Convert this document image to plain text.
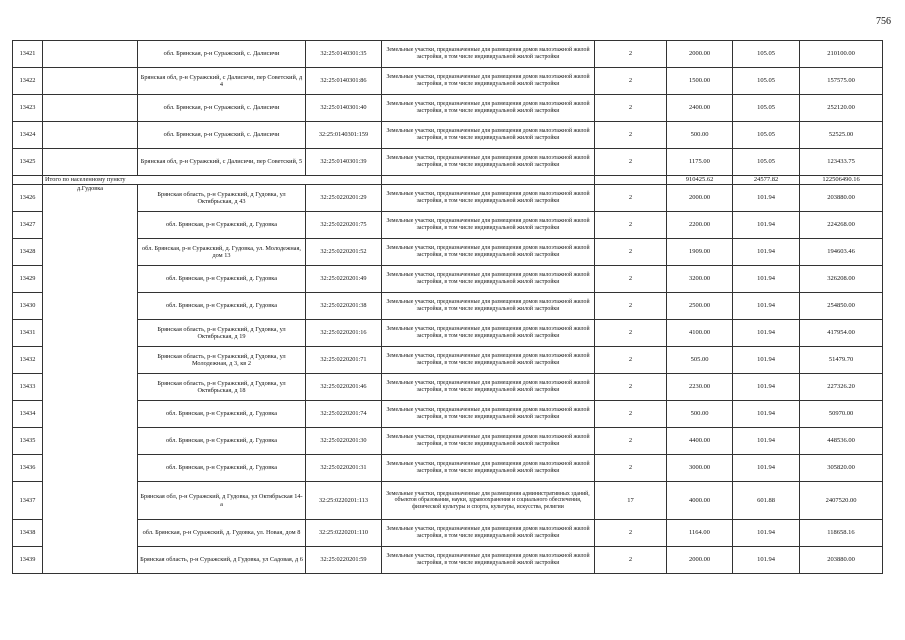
756
13421		обл. Брянская, р-н Суражский, с. Далисичи	32:25:0140301:35	Земельные участки, предназначенные для размещения домов малоэтажной жилой застройки, в том числе индивидуальной жилой застройки	2	2000.00	105.05	210100.00
13422		Брянская обл, р-н Суражский, с Далисичи, пер Советский, д 4	32:25:0140301:86	Земельные участки, предназначенные для размещения домов малоэтажной жилой застройки, в том числе индивидуальной жилой застройки	2	1500.00	105.05	157575.00
13423		обл. Брянская, р-н Суражский, с. Далисичи	32:25:0140301:40	Земельные участки, предназначенные для размещения домов малоэтажной жилой застройки, в том числе индивидуальной жилой застройки	2	2400.00	105.05	252120.00
13424		обл. Брянская, р-н Суражский, с. Далисичи	32:25:0140301:159	Земельные участки, предназначенные для размещения домов малоэтажной жилой застройки, в том числе индивидуальной жилой застройки	2	500.00	105.05	52525.00
13425		Брянская обл, р-н Суражский, с Далисичи, пер Советский, 5	32:25:0140301:39	Земельные участки, предназначенные для размещения домов малоэтажной жилой застройки, в том числе индивидуальной жилой застройки	2	1175.00	105.05	123433.75
	Итого по населенному пункту					910425.62	24577.82	122506490.16
13426	д.Гудовка	Брянская область, р-н Суражский, д Гудовка, ул Октябрьская, д 43	32:25:0220201:29	Земельные участки, предназначенные для размещения домов малоэтажной жилой застройки, в том числе индивидуальной жилой застройки	2	2000.00	101.94	203880.00
13427		обл. Брянская, р-н Суражский, д. Гудовка	32:25:0220201:75	Земельные участки, предназначенные для размещения домов малоэтажной жилой застройки, в том числе индивидуальной жилой застройки	2	2200.00	101.94	224268.00
13428		обл. Брянская, р-н Суражский, д. Гудовка, ул. Молодежная, дом 13	32:25:0220201:52	Земельные участки, предназначенные для размещения домов малоэтажной жилой застройки, в том числе индивидуальной жилой застройки	2	1909.00	101.94	194603.46
13429		обл. Брянская, р-н Суражский, д. Гудовка	32:25:0220201:49	Земельные участки, предназначенные для размещения домов малоэтажной жилой застройки, в том числе индивидуальной жилой застройки	2	3200.00	101.94	326208.00
13430		обл. Брянская, р-н Суражский, д. Гудовка	32:25:0220201:38	Земельные участки, предназначенные для размещения домов малоэтажной жилой застройки, в том числе индивидуальной жилой застройки	2	2500.00	101.94	254850.00
13431		Брянская область, р-н Суражский, д Гудовка, ул Октябрьская, д 19	32:25:0220201:16	Земельные участки, предназначенные для размещения домов малоэтажной жилой застройки, в том числе индивидуальной жилой застройки	2	4100.00	101.94	417954.00
13432		Брянская область, р-н Суражский, д Гудовка, ул Молодежная, д 3, кв 2	32:25:0220201:71	Земельные участки, предназначенные для размещения домов малоэтажной жилой застройки, в том числе индивидуальной жилой застройки	2	505.00	101.94	51479.70
13433		Брянская область, р-н Суражский, д Гудовка, ул Октябрьская, д 18	32:25:0220201:46	Земельные участки, предназначенные для размещения домов малоэтажной жилой застройки, в том числе индивидуальной жилой застройки	2	2230.00	101.94	227326.20
13434		обл. Брянская, р-н Суражский, д. Гудовка	32:25:0220201:74	Земельные участки, предназначенные для размещения домов малоэтажной жилой застройки, в том числе индивидуальной жилой застройки	2	500.00	101.94	50970.00
13435		обл. Брянская, р-н Суражский, д. Гудовка	32:25:0220201:30	Земельные участки, предназначенные для размещения домов малоэтажной жилой застройки, в том числе индивидуальной жилой застройки	2	4400.00	101.94	448536.00
13436		обл. Брянская, р-н Суражский, д. Гудовка	32:25:0220201:31	Земельные участки, предназначенные для размещения домов малоэтажной жилой застройки, в том числе индивидуальной жилой застройки	2	3000.00	101.94	305820.00
13437		Брянская обл, р-н Суражский, д Гудовка, ул Октябрьская 14-а	32:25:0220201:113	Земельные участки, предназначенные для размещения административных зданий, объектов образования, науки, здравоохранения и социального обеспечения, физической культуры и спорта, культуры, искусства, религии	17	4000.00	601.88	2407520.00
13438		обл. Брянская, р-н Суражский, д. Гудовка, ул. Новая, дом 8	32:25:0220201:110	Земельные участки, предназначенные для размещения домов малоэтажной жилой застройки, в том числе индивидуальной жилой застройки	2	1164.00	101.94	118658.16
13439		Брянская область, р-н Суражский, д Гудовка, ул Садовая, д 6	32:25:0220201:59	Земельные участки, предназначенные для размещения домов малоэтажной жилой застройки, в том числе индивидуальной жилой застройки	2	2000.00	101.94	203880.00
